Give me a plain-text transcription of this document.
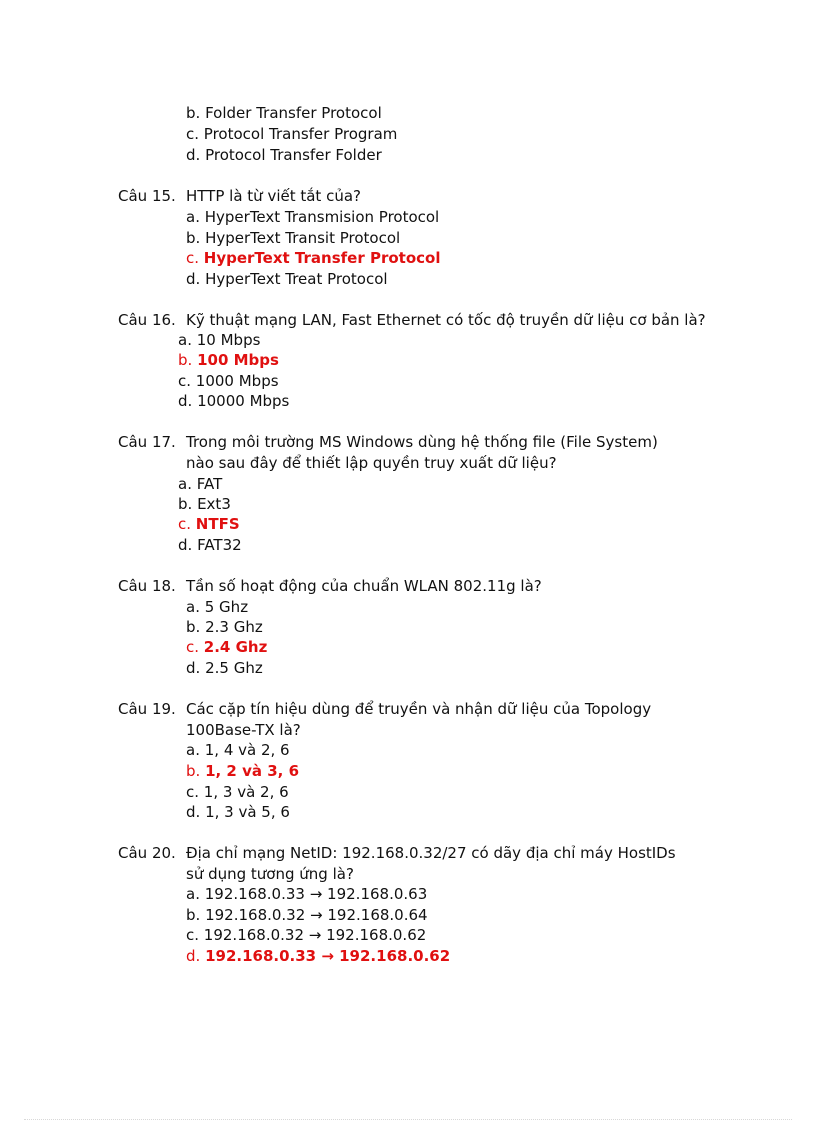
b. Folder Transfer Protocol
c. Protocol Transfer Program
d. Protocol Transfer Folder
Câu 15. HTTP là từ viết tắt của?
a. HyperText Transmision Protocol
b. HyperText Transit Protocol
c. HyperText Transfer Protocol
d. HyperText Treat Protocol
Câu 16. Kỹ thuật mạng LAN, Fast Ethernet có tốc độ truyền dữ liệu cơ bản là?
a. 10 Mbps
b. 100 Mbps
c. 1000 Mbps
d. 10000 Mbps
Câu 17. Trong môi trường MS Windows dùng hệ thống file (File System) nào sau đây để thiết lập quyền truy xuất dữ liệu?
a. FAT
b. Ext3
c. NTFS
d. FAT32
Câu 18. Tần số hoạt động của chuẩn WLAN 802.11g là?
a. 5 Ghz
b. 2.3 Ghz
c. 2.4 Ghz
d. 2.5 Ghz
Câu 19. Các cặp tín hiệu dùng để truyền và nhận dữ liệu của Topology 100Base-TX là?
a. 1, 4 và 2, 6
b. 1, 2 và 3, 6
c. 1, 3 và 2, 6
d. 1, 3 và 5, 6
Câu 20. Địa chỉ mạng NetID: 192.168.0.32/27 có dãy địa chỉ máy HostIDs sử dụng tương ứng là?
a. 192.168.0.33 → 192.168.0.63
b. 192.168.0.32 → 192.168.0.64
c. 192.168.0.32 → 192.168.0.62
d. 192.168.0.33 → 192.168.0.62
